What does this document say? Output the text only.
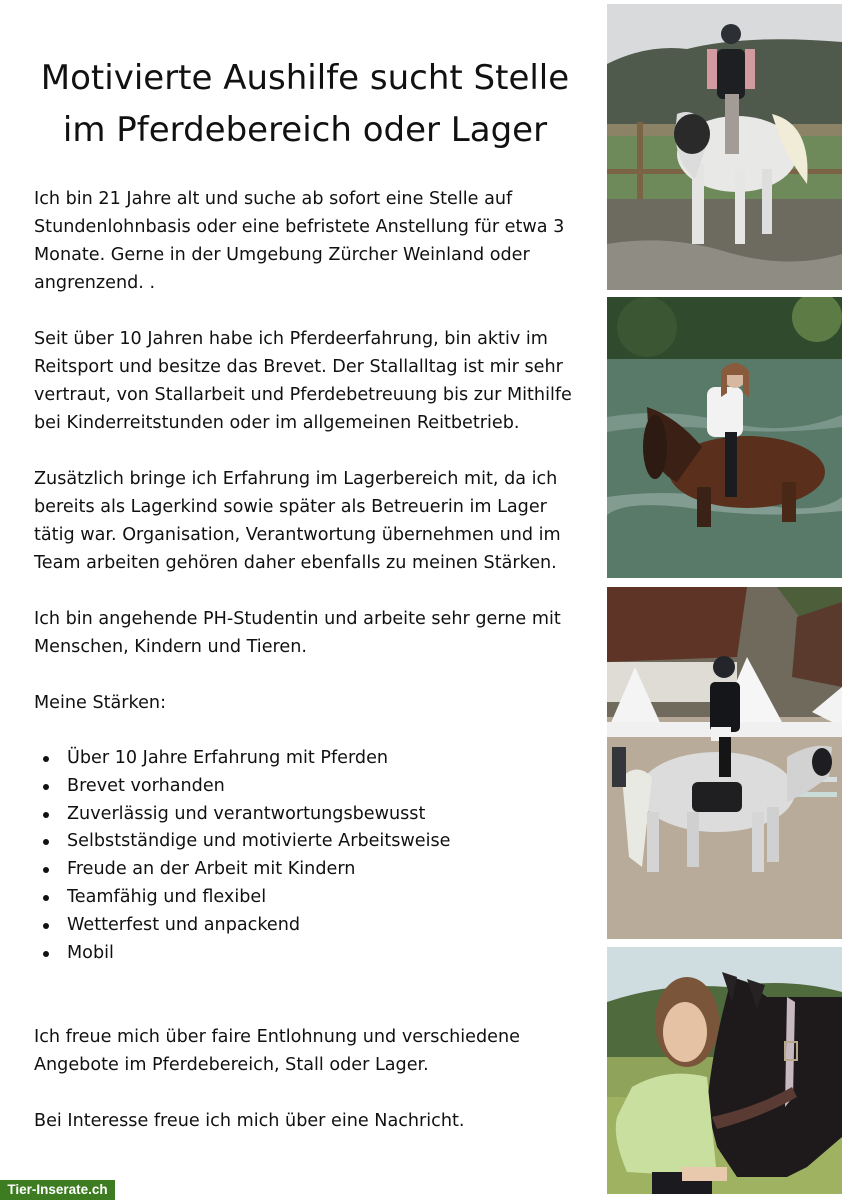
Motivierte Aushilfe sucht Stelle
im Pferdebereich oder Lager

Ich bin 21 Jahre alt und suche ab sofort eine Stelle auf
Stundenlohnbasis oder eine befristete Anstellung für etwa 3
Monate. Gerne in der Umgebung Zürcher Weinland oder
angrenzend. .

Seit über 10 Jahren habe ich Pferdeerfahrung, bin aktiv im
Reitsport und besitze das Brevet. Der Stallalltag ist mir sehr
vertraut, von Stallarbeit und Pferdebetreuung bis zur Mithilfe
bei Kinderreitstunden oder im allgemeinen Reitbetrieb.

Zusätzlich bringe ich Erfahrung im Lagerbereich mit, da ich
bereits als Lagerkind sowie später als Betreuerin im Lager
tätig war. Organisation, Verantwortung übernehmen und im
Team arbeiten gehören daher ebenfalls zu meinen Stärken.

Ich bin angehende PH-Studentin und arbeite sehr gerne mit
Menschen, Kindern und Tieren.

Meine Stärken:

Über 10 Jahre Erfahrung mit Pferden
Brevet vorhanden
Zuverlässig und verantwortungsbewusst
Selbstständige und motivierte Arbeitsweise
Freude an der Arbeit mit Kindern
Teamfähig und flexibel
Wetterfest und anpackend
Mobil

Ich freue mich über faire Entlohnung und verschiedene
Angebote im Pferdebereich, Stall oder Lager.

Bei Interesse freue ich mich über eine Nachricht.

Tier-Inserate.ch
